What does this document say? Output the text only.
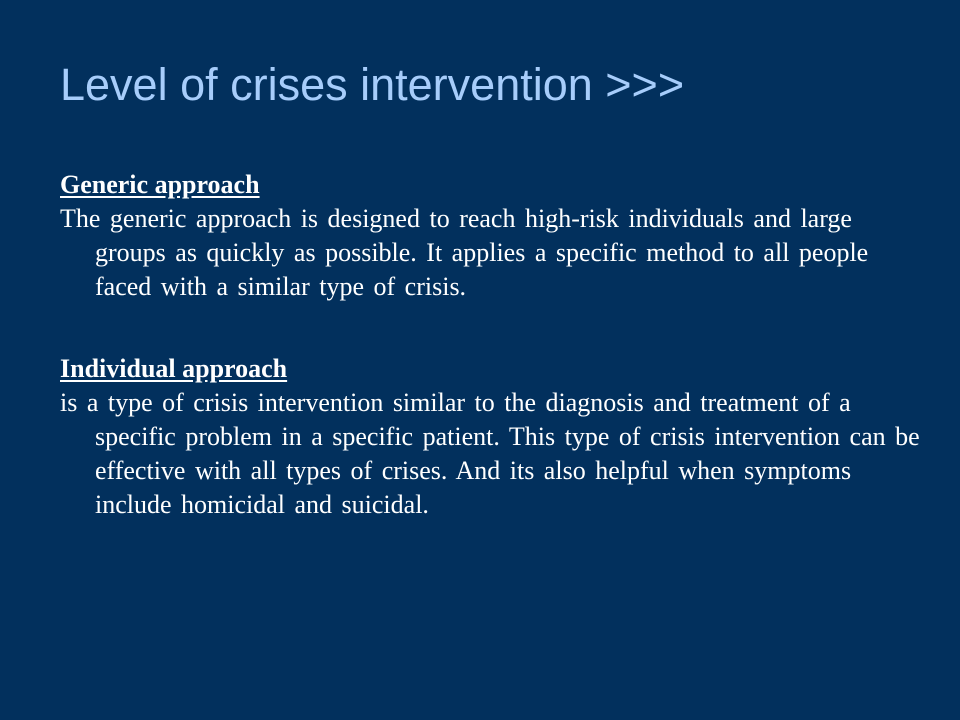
Level of crises intervention >>>

Generic approach

The generic approach is designed to reach high-risk individuals and large groups as quickly as possible. It applies a specific method to all people faced with a similar type of crisis.

Individual approach

is a type of crisis intervention similar to the diagnosis and treatment of a specific problem in a specific patient. This type of crisis intervention can be effective with all types of crises. And its also helpful when symptoms include homicidal and suicidal.
